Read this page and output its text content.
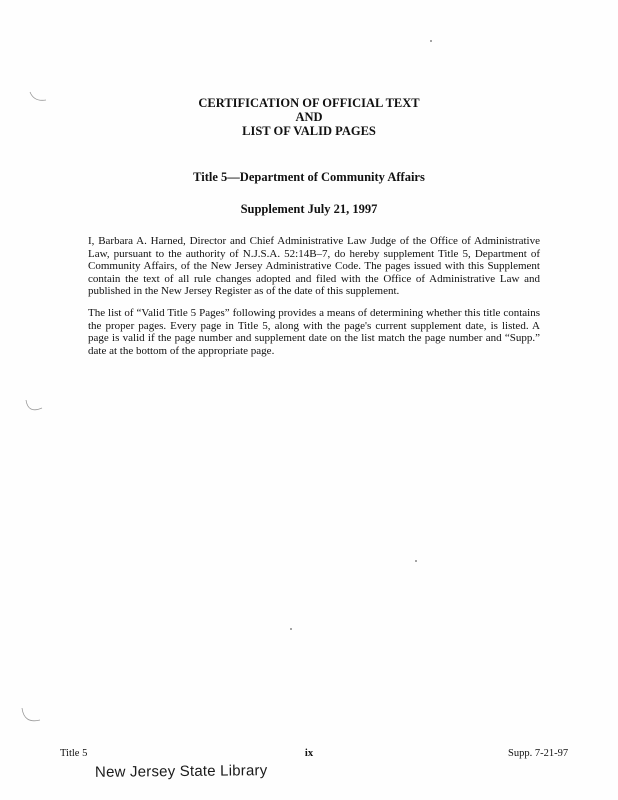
CERTIFICATION OF OFFICIAL TEXT
AND
LIST OF VALID PAGES
Title 5—Department of Community Affairs
Supplement July 21, 1997

I, Barbara A. Harned, Director and Chief Administrative Law Judge of the Office of Administrative Law, pursuant to the authority of N.J.S.A. 52:14B–7, do hereby supplement Title 5, Department of Community Affairs, of the New Jersey Administrative Code. The pages issued with this Supplement contain the text of all rule changes adopted and filed with the Office of Administrative Law and published in the New Jersey Register as of the date of this supplement.

The list of “Valid Title 5 Pages” following provides a means of determining whether this title contains the proper pages. Every page in Title 5, along with the page's current supplement date, is listed. A page is valid if the page number and supplement date on the list match the page number and “Supp.” date at the bottom of the appropriate page.

Title 5	ix	Supp. 7-21-97
New Jersey State Library
